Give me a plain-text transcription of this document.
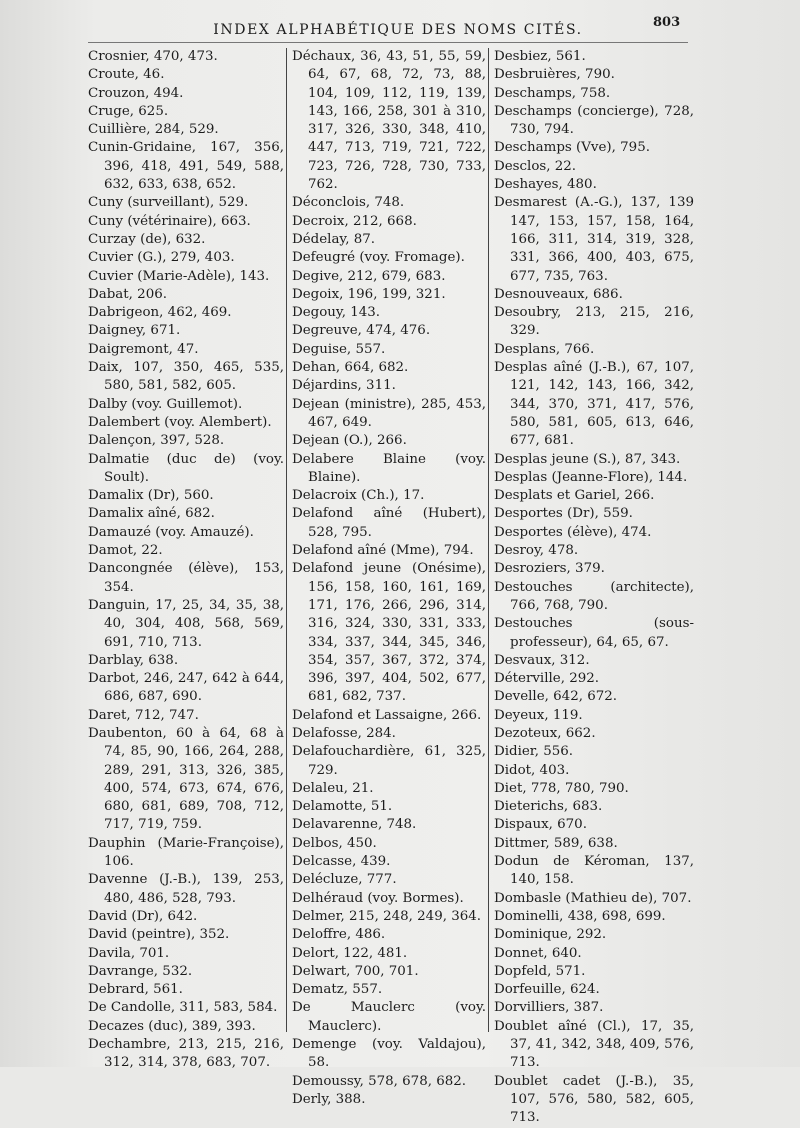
INDEX ALPHABÉTIQUE DES NOMS CITÉS.	803
Crosnier, 470, 473.
Croute, 46.
Crouzon, 494.
Cruge, 625.
Cuillière, 284, 529.
Cunin-Gridaine, 167, 356, 396, 418, 491, 549, 588, 632, 633, 638, 652.
Cuny (surveillant), 529.
Cuny (vétérinaire), 663.
Curzay (de), 632.
Cuvier (G.), 279, 403.
Cuvier (Marie-Adèle), 143.
Dabat, 206.
Dabrigeon, 462, 469.
Daigney, 671.
Daigremont, 47.
Daix, 107, 350, 465, 535, 580, 581, 582, 605.
Dalby (voy. Guillemot).
Dalembert (voy. Alembert).
Dalençon, 397, 528.
Dalmatie (duc de) (voy. Soult).
Damalix (Dr), 560.
Damalix aîné, 682.
Damauzé (voy. Amauzé).
Damot, 22.
Dancongnée (élève), 153, 354.
Danguin, 17, 25, 34, 35, 38, 40, 304, 408, 568, 569, 691, 710, 713.
Darblay, 638.
Darbot, 246, 247, 642 à 644, 686, 687, 690.
Daret, 712, 747.
Daubenton, 60 à 64, 68 à 74, 85, 90, 166, 264, 288, 289, 291, 313, 326, 385, 400, 574, 673, 674, 676, 680, 681, 689, 708, 712, 717, 719, 759.
Dauphin (Marie-Françoise), 106.
Davenne (J.-B.), 139, 253, 480, 486, 528, 793.
David (Dr), 642.
David (peintre), 352.
Davila, 701.
Davrange, 532.
Debrard, 561.
De Candolle, 311, 583, 584.
Decazes (duc), 389, 393.
Dechambre, 213, 215, 216, 312, 314, 378, 683, 707.
Déchaux, 36, 43, 51, 55, 59, 64, 67, 68, 72, 73, 88, 104, 109, 112, 119, 139, 143, 166, 258, 301 à 310, 317, 326, 330, 348, 410, 447, 713, 719, 721, 722, 723, 726, 728, 730, 733, 762.
Déconclois, 748.
Decroix, 212, 668.
Dédelay, 87.
Defeugré (voy. Fromage).
Degive, 212, 679, 683.
Degoix, 196, 199, 321.
Degouy, 143.
Degreuve, 474, 476.
Deguise, 557.
Dehan, 664, 682.
Déjardins, 311.
Dejean (ministre), 285, 453, 467, 649.
Dejean (O.), 266.
Delabere Blaine (voy. Blaine).
Delacroix (Ch.), 17.
Delafond aîné (Hubert), 528, 795.
Delafond aîné (Mme), 794.
Delafond jeune (Onésime), 156, 158, 160, 161, 169, 171, 176, 266, 296, 314, 316, 324, 330, 331, 333, 334, 337, 344, 345, 346, 354, 357, 367, 372, 374, 396, 397, 404, 502, 677, 681, 682, 737.
Delafond et Lassaigne, 266.
Delafosse, 284.
Delafouchardière, 61, 325, 729.
Delaleu, 21.
Delamotte, 51.
Delavarenne, 748.
Delbos, 450.
Delcasse, 439.
Delécluze, 777.
Delhéraud (voy. Bormes).
Delmer, 215, 248, 249, 364.
Deloffre, 486.
Delort, 122, 481.
Delwart, 700, 701.
Dematz, 557.
De Mauclerc (voy. Mauclerc).
Demenge (voy. Valdajou), 58.
Demoussy, 578, 678, 682.
Derly, 388.
Desbiez, 561.
Desbruières, 790.
Deschamps, 758.
Deschamps (concierge), 728, 730, 794.
Deschamps (Vve), 795.
Desclos, 22.
Deshayes, 480.
Desmarest (A.-G.), 137, 139 147, 153, 157, 158, 164, 166, 311, 314, 319, 328, 331, 366, 400, 403, 675, 677, 735, 763.
Desnouveaux, 686.
Desoubry, 213, 215, 216, 329.
Desplans, 766.
Desplas aîné (J.-B.), 67, 107, 121, 142, 143, 166, 342, 344, 370, 371, 417, 576, 580, 581, 605, 613, 646, 677, 681.
Desplas jeune (S.), 87, 343.
Desplas (Jeanne-Flore), 144.
Desplats et Gariel, 266.
Desportes (Dr), 559.
Desportes (élève), 474.
Desroy, 478.
Desroziers, 379.
Destouches (architecte), 766, 768, 790.
Destouches (sous-professeur), 64, 65, 67.
Desvaux, 312.
Déterville, 292.
Develle, 642, 672.
Deyeux, 119.
Dezoteux, 662.
Didier, 556.
Didot, 403.
Diet, 778, 780, 790.
Dieterichs, 683.
Dispaux, 670.
Dittmer, 589, 638.
Dodun de Kéroman, 137, 140, 158.
Dombasle (Mathieu de), 707.
Dominelli, 438, 698, 699.
Dominique, 292.
Donnet, 640.
Dopfeld, 571.
Dorfeuille, 624.
Dorvilliers, 387.
Doublet aîné (Cl.), 17, 35, 37, 41, 342, 348, 409, 576, 713.
Doublet cadet (J.-B.), 35, 107, 576, 580, 582, 605, 713.
